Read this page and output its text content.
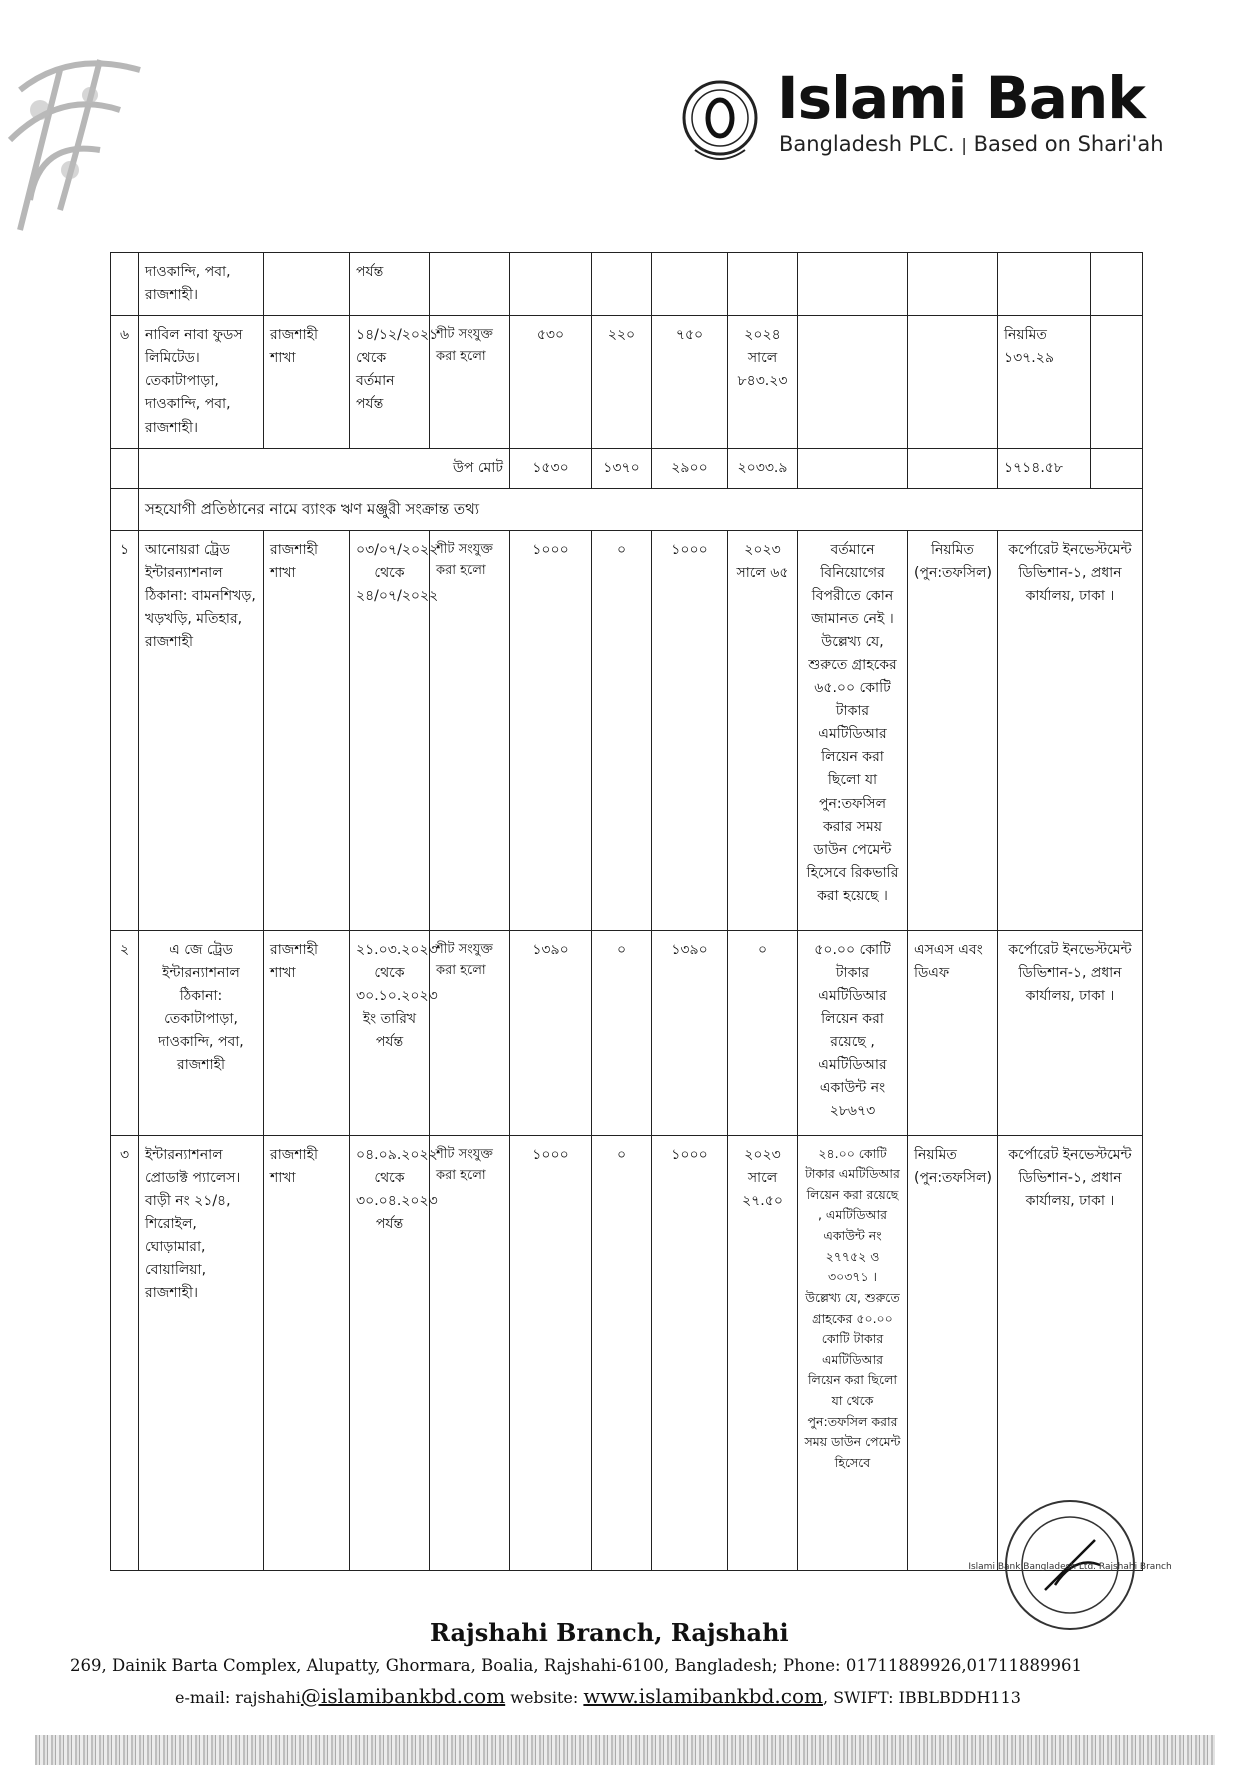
Islami Bank
Bangladesh PLC. | Based on Shari'ah
	দাওকান্দি, পবা, রাজশাহী।		পর্যন্ত									
৬	নাবিল নাবা ফুডস লিমিটেড। তেকাটাপাড়া, দাওকান্দি, পবা, রাজশাহী।	রাজশাহী শাখা	১৪/১২/২০২১ থেকে বর্তমান পর্যন্ত	শীট সংযুক্ত করা হলো	৫৩০	২২০	৭৫০	২০২৪ সালে ৮৪৩.২৩			নিয়মিত ১৩৭.২৯	
	উপ মোট				১৫৩০	১৩৭০	২৯০০	২০৩৩.৯			১৭১৪.৫৮	
	সহযোগী প্রতিষ্ঠানের নামে ব্যাংক ঋণ মঞ্জুরী সংক্রান্ত তথ্য											
১	আনোয়রা ট্রেড ইন্টারন্যাশনাল ঠিকানা: বামনশিখড়, খড়খড়ি, মতিহার, রাজশাহী	রাজশাহী শাখা	০৩/০৭/২০২২ থেকে ২৪/০৭/২০২২	শীট সংযুক্ত করা হলো	১০০০	০	১০০০	২০২৩ সালে ৬৫	বর্তমানে বিনিয়োগের বিপরীতে কোন জামানত নেই । উল্লেখ্য যে, শুরুতে গ্রাহকের ৬৫.০০ কোটি টাকার এমটিডিআর লিয়েন করা ছিলো যা পুন:তফসিল করার সময় ডাউন পেমেন্ট হিসেবে রিকভারি করা হয়েছে ।	নিয়মিত (পুন:তফসিল)	কর্পোরেট ইনভেস্টমেন্ট ডিভিশান-১, প্রধান কার্যালয়, ঢাকা ।	
২	এ জে ট্রেড ইন্টারন্যাশনাল ঠিকানা: তেকাটাপাড়া, দাওকান্দি, পবা, রাজশাহী	রাজশাহী শাখা	২১.০৩.২০২৩ থেকে ৩০.১০.২০২৩ ইং তারিখ পর্যন্ত	শীট সংযুক্ত করা হলো	১৩৯০	০	১৩৯০	০	৫০.০০ কোটি টাকার এমটিডিআর লিয়েন করা রয়েছে , এমটিডিআর একাউন্ট নং ২৮৬৭৩	এসএস এবং ডিএফ	কর্পোরেট ইনভেস্টমেন্ট ডিভিশান-১, প্রধান কার্যালয়, ঢাকা ।	
৩	ইন্টারন্যাশনাল প্রোডাক্ট প্যালেস। বাড়ী নং ২১/৪, শিরোইল, ঘোড়ামারা, বোয়ালিয়া, রাজশাহী।	রাজশাহী শাখা	০৪.০৯.২০২২ থেকে ৩০.০৪.২০২৩ পর্যন্ত	শীট সংযুক্ত করা হলো	১০০০	০	১০০০	২০২৩ সালে ২৭.৫০	২৪.০০ কোটি টাকার এমটিডিআর লিয়েন করা রয়েছে , এমটিডিআর একাউন্ট নং ২৭৭৫২ ও ৩০৩৭১ ।
উল্লেখ্য যে, শুরুতে গ্রাহকের ৫০.০০ কোটি টাকার এমটিডিআর লিয়েন করা ছিলো যা থেকে পুন:তফসিল করার সময় ডাউন পেমেন্ট হিসেবে	নিয়মিত (পুন:তফসিল)	কর্পোরেট ইনভেস্টমেন্ট ডিভিশান-১, প্রধান কার্যালয়, ঢাকা ।	
Islami Bank Bangladesh Ltd. Rajshahi Branch
Rajshahi Branch, Rajshahi
269, Dainik Barta Complex, Alupatty, Ghormara, Boalia, Rajshahi-6100, Bangladesh; Phone: 01711889926,01711889961
e-mail: rajshahi@islamibankbd.com website: www.islamibankbd.com, SWIFT: IBBLBDDH113
